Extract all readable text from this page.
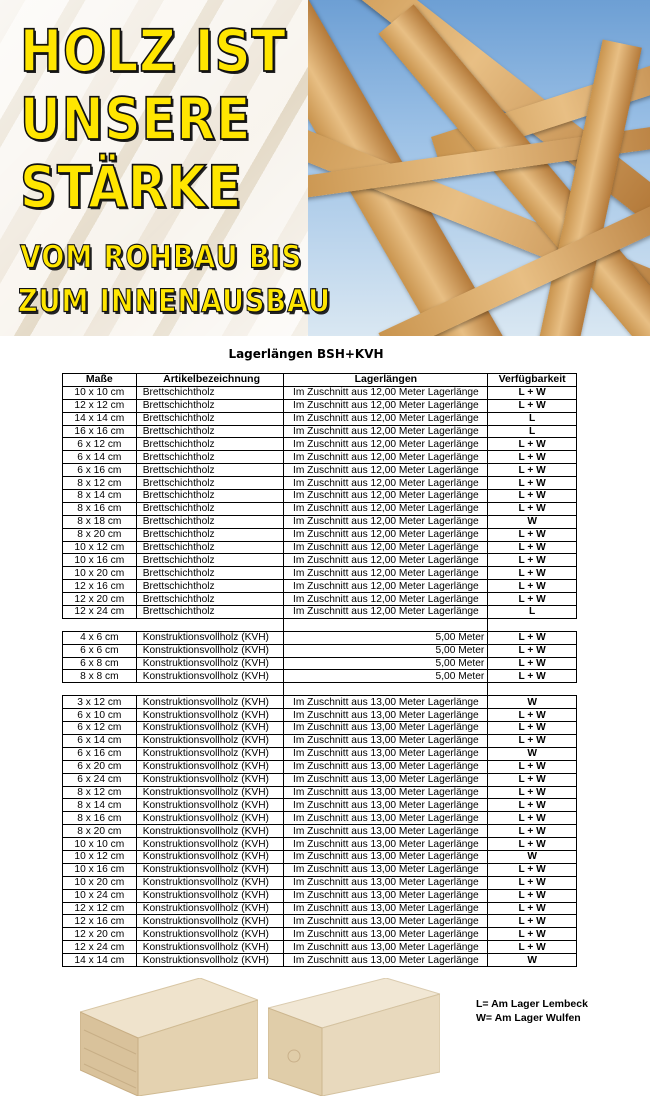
HOLZ IST
UNSERE
STÄRKE
VOM ROHBAU BIS
ZUM INNENAUSBAU
Lagerlängen BSH+KVH
Maße	Artikelbezeichnung	Lagerlängen	Verfügbarkeit
10 x 10 cm	Brettschichtholz	Im Zuschnitt aus 12,00 Meter Lagerlänge	L + W
12 x 12 cm	Brettschichtholz	Im Zuschnitt aus 12,00 Meter Lagerlänge	L + W
14 x 14 cm	Brettschichtholz	Im Zuschnitt aus 12,00 Meter Lagerlänge	L
16 x 16 cm	Brettschichtholz	Im Zuschnitt aus 12,00 Meter Lagerlänge	L
6 x 12 cm	Brettschichtholz	Im Zuschnitt aus 12,00 Meter Lagerlänge	L + W
6 x 14 cm	Brettschichtholz	Im Zuschnitt aus 12,00 Meter Lagerlänge	L + W
6 x 16 cm	Brettschichtholz	Im Zuschnitt aus 12,00 Meter Lagerlänge	L + W
8 x 12 cm	Brettschichtholz	Im Zuschnitt aus 12,00 Meter Lagerlänge	L + W
8 x 14 cm	Brettschichtholz	Im Zuschnitt aus 12,00 Meter Lagerlänge	L + W
8 x 16 cm	Brettschichtholz	Im Zuschnitt aus 12,00 Meter Lagerlänge	L + W
8 x 18 cm	Brettschichtholz	Im Zuschnitt aus 12,00 Meter Lagerlänge	W
8 x 20 cm	Brettschichtholz	Im Zuschnitt aus 12,00 Meter Lagerlänge	L + W
10 x 12 cm	Brettschichtholz	Im Zuschnitt aus 12,00 Meter Lagerlänge	L + W
10 x 16 cm	Brettschichtholz	Im Zuschnitt aus 12,00 Meter Lagerlänge	L + W
10 x 20 cm	Brettschichtholz	Im Zuschnitt aus 12,00 Meter Lagerlänge	L + W
12 x 16 cm	Brettschichtholz	Im Zuschnitt aus 12,00 Meter Lagerlänge	L + W
12 x 20 cm	Brettschichtholz	Im Zuschnitt aus 12,00 Meter Lagerlänge	L + W
12 x 24 cm	Brettschichtholz	Im Zuschnitt aus 12,00 Meter Lagerlänge	L

4 x 6 cm	Konstruktionsvollholz (KVH)	5,00 Meter	L + W
6 x 6 cm	Konstruktionsvollholz (KVH)	5,00 Meter	L + W
6 x 8 cm	Konstruktionsvollholz (KVH)	5,00 Meter	L + W
8 x 8 cm	Konstruktionsvollholz (KVH)	5,00 Meter	L + W

3 x 12 cm	Konstruktionsvollholz (KVH)	Im Zuschnitt aus 13,00 Meter Lagerlänge	W
6 x 10 cm	Konstruktionsvollholz (KVH)	Im Zuschnitt aus 13,00 Meter Lagerlänge	L + W
6 x 12 cm	Konstruktionsvollholz (KVH)	Im Zuschnitt aus 13,00 Meter Lagerlänge	L + W
6 x 14 cm	Konstruktionsvollholz (KVH)	Im Zuschnitt aus 13,00 Meter Lagerlänge	L + W
6 x 16 cm	Konstruktionsvollholz (KVH)	Im Zuschnitt aus 13,00 Meter Lagerlänge	W
6 x 20 cm	Konstruktionsvollholz (KVH)	Im Zuschnitt aus 13,00 Meter Lagerlänge	L + W
6 x 24 cm	Konstruktionsvollholz (KVH)	Im Zuschnitt aus 13,00 Meter Lagerlänge	L + W
8 x 12 cm	Konstruktionsvollholz (KVH)	Im Zuschnitt aus 13,00 Meter Lagerlänge	L + W
8 x 14 cm	Konstruktionsvollholz (KVH)	Im Zuschnitt aus 13,00 Meter Lagerlänge	L + W
8 x 16 cm	Konstruktionsvollholz (KVH)	Im Zuschnitt aus 13,00 Meter Lagerlänge	L + W
8 x 20 cm	Konstruktionsvollholz (KVH)	Im Zuschnitt aus 13,00 Meter Lagerlänge	L + W
10 x 10 cm	Konstruktionsvollholz (KVH)	Im Zuschnitt aus 13,00 Meter Lagerlänge	L + W
10 x 12 cm	Konstruktionsvollholz (KVH)	Im Zuschnitt aus 13,00 Meter Lagerlänge	W
10 x 16 cm	Konstruktionsvollholz (KVH)	Im Zuschnitt aus 13,00 Meter Lagerlänge	L + W
10 x 20 cm	Konstruktionsvollholz (KVH)	Im Zuschnitt aus 13,00 Meter Lagerlänge	L + W
10 x 24 cm	Konstruktionsvollholz (KVH)	Im Zuschnitt aus 13,00 Meter Lagerlänge	L + W
12 x 12 cm	Konstruktionsvollholz (KVH)	Im Zuschnitt aus 13,00 Meter Lagerlänge	L + W
12 x 16 cm	Konstruktionsvollholz (KVH)	Im Zuschnitt aus 13,00 Meter Lagerlänge	L + W
12 x 20 cm	Konstruktionsvollholz (KVH)	Im Zuschnitt aus 13,00 Meter Lagerlänge	L + W
12 x 24 cm	Konstruktionsvollholz (KVH)	Im Zuschnitt aus 13,00 Meter Lagerlänge	L + W
14 x 14 cm	Konstruktionsvollholz (KVH)	Im Zuschnitt aus 13,00 Meter Lagerlänge	W
L= Am Lager Lembeck
W= Am Lager Wulfen
